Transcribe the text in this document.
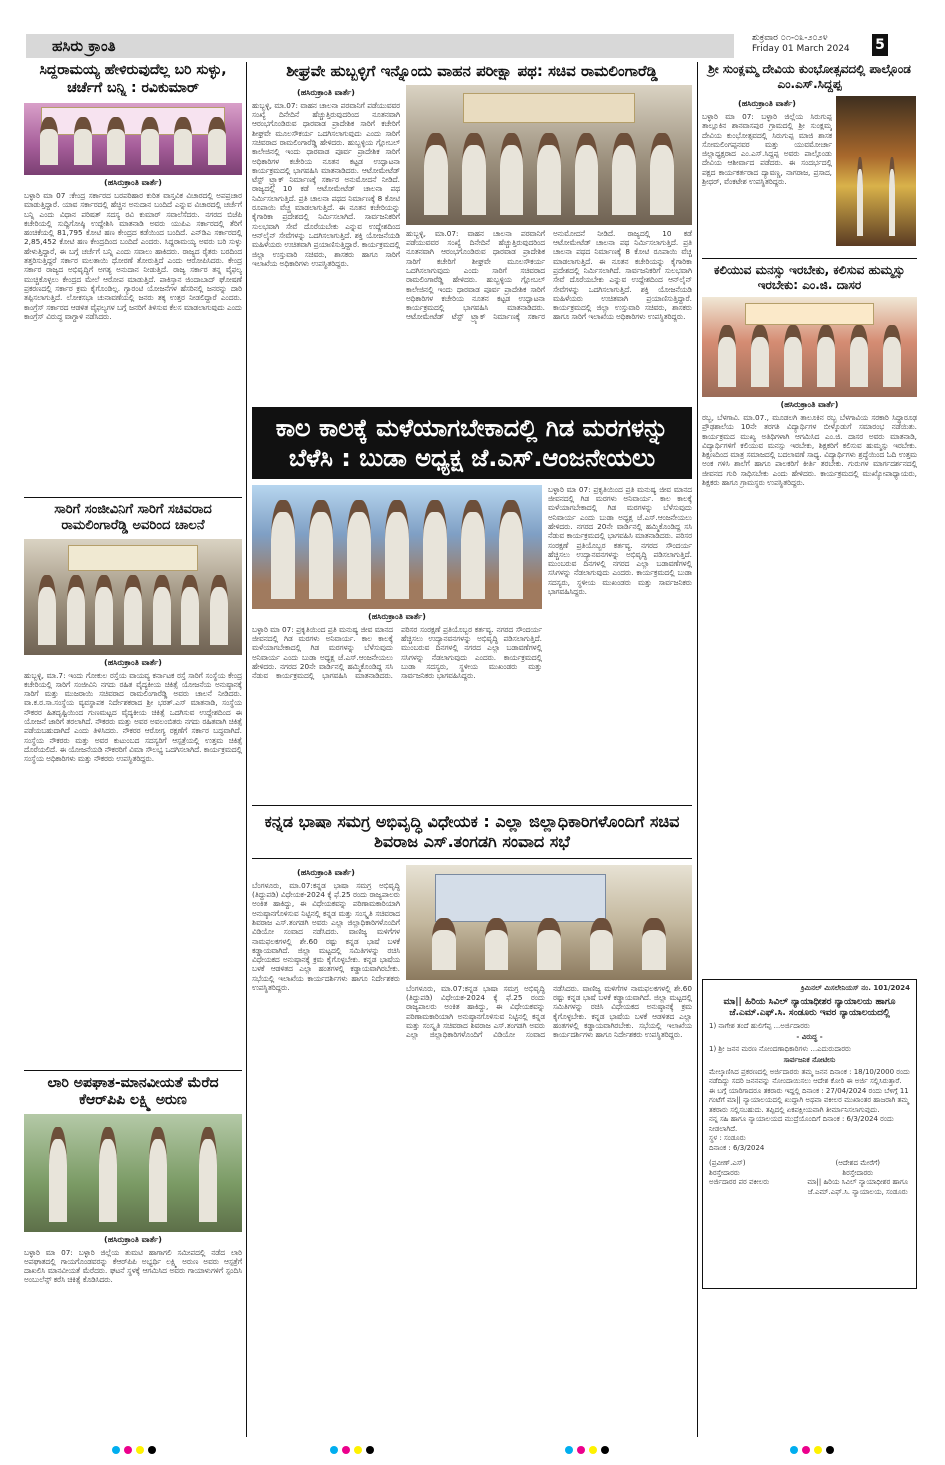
ಹಸಿರು ಕ್ರಾಂತಿ	ಶುಕ್ರವಾರ ೦೧-೦೩-೨೦೨೪
Friday 01 March 2024	5
ಸಿದ್ದರಾಮಯ್ಯ ಹೇಳಿರುವುದೆಲ್ಲ ಬರಿ ಸುಳ್ಳು, ಚರ್ಚೆಗೆ ಬನ್ನಿ : ರವಿಕುಮಾರ್
(ಹಸಿರುಕ್ರಾಂತಿ ವಾರ್ತೆ)
ಬಳ್ಳಾರಿ ಮಾ 07 :ಕೇಂದ್ರ ಸರ್ಕಾರದ ಬರಪರಿಹಾರ ಕುರಿತ ವಾಸ್ತವಿಕ ವಿಚಾರದಲ್ಲಿ ಅಪಪ್ರಚಾರ ಮಾಡುತ್ತಿದ್ದಾರೆ. ಯಾವ ಸರ್ಕಾರದಲ್ಲಿ ಹೆಚ್ಚಿನ ಅನುದಾನ ಬಂದಿದೆ ಎನ್ನುವ ವಿಚಾರದಲ್ಲಿ ಚರ್ಚೆಗೆ ಬನ್ನಿ ಎಂದು ವಿಧಾನ ಪರಿಷತ್ ಸದಸ್ಯ ರವಿ ಕುಮಾರ್ ಸವಾಲೆಸೆದರು. ನಗರದ ಬಿಜೆಪಿ ಕಚೇರಿಯಲ್ಲಿ ಸುದ್ದಿಗೋಷ್ಠಿ ಉದ್ದೇಶಿಸಿ ಮಾತನಾಡಿ ಅವರು ಯುಪಿಎ ಸರ್ಕಾರದಲ್ಲಿ ತೆರಿಗೆ ಹಂಚಿಕೆಯಲ್ಲಿ 81,795 ಕೋಟಿ ಹಣ ಕೇಂದ್ರದ ಕಡೆಯಿಂದ ಬಂದಿದೆ. ಎನ್‌ಡಿಎ ಸರ್ಕಾರದಲ್ಲಿ 2,85,452 ಕೋಟಿ ಹಣ ಕೇಂದ್ರದಿಂದ ಬಂದಿದೆ ಎಂದರು. ಸಿದ್ದರಾಮಯ್ಯ ಅವರು ಬರಿ ಸುಳ್ಳು ಹೇಳುತ್ತಿದ್ದಾರೆ, ಈ ಬಗ್ಗೆ ಚರ್ಚೆಗೆ ಬನ್ನಿ ಎಂದು ಸವಾಲು ಹಾಕಿದರು. ರಾಜ್ಯದ ರೈತರು ಬರದಿಂದ ತತ್ತರಿಸುತ್ತಿದ್ದರೆ ಸರ್ಕಾರ ಮಲತಾಯಿ ಧೋರಣೆ ತೋರುತ್ತಿದೆ ಎಂದು ಆರೋಪಿಸಿದರು. ಕೇಂದ್ರ ಸರ್ಕಾರ ರಾಜ್ಯದ ಅಭಿವೃದ್ಧಿಗೆ ಅಗತ್ಯ ಅನುದಾನ ನೀಡುತ್ತಿದೆ. ರಾಜ್ಯ ಸರ್ಕಾರ ತನ್ನ ವೈಫಲ್ಯ ಮುಚ್ಚಿಕೊಳ್ಳಲು ಕೇಂದ್ರದ ಮೇಲೆ ಆರೋಪ ಮಾಡುತ್ತಿದೆ. ಪಾಕಿಸ್ತಾನ ಜಿಂದಾಬಾದ್ ಘೋಷಣೆ ಪ್ರಕರಣದಲ್ಲಿ ಸರ್ಕಾರ ಕ್ರಮ ಕೈಗೊಂಡಿಲ್ಲ. ಗ್ಯಾರಂಟಿ ಯೋಜನೆಗಳ ಹೆಸರಿನಲ್ಲಿ ಜನರನ್ನು ದಾರಿ ತಪ್ಪಿಸಲಾಗುತ್ತಿದೆ. ಲೋಕಸಭಾ ಚುನಾವಣೆಯಲ್ಲಿ ಜನರು ತಕ್ಕ ಉತ್ತರ ನೀಡಲಿದ್ದಾರೆ ಎಂದರು. ಕಾಂಗ್ರೆಸ್ ಸರ್ಕಾರದ ಆಡಳಿತ ವೈಫಲ್ಯಗಳ ಬಗ್ಗೆ ಜನರಿಗೆ ತಿಳಿಸುವ ಕೆಲಸ ಮಾಡಲಾಗುವುದು ಎಂದು ಕಾಂಗ್ರೆಸ್ ವಿರುದ್ಧ ವಾಗ್ದಾಳಿ ನಡೆಸಿದರು.
ಸಾರಿಗೆ ಸಂಜೀವಿನಿಗೆ ಸಾರಿಗೆ ಸಚಿವರಾದ ರಾಮಲಿಂಗಾರೆಡ್ಡಿ ಅವರಿಂದ ಚಾಲನೆ
(ಹಸಿರುಕ್ರಾಂತಿ ವಾರ್ತೆ)
ಹುಬ್ಬಳ್ಳಿ, ಮಾ.7: ಇಂದು ಗೋಕುಲ ರಸ್ತೆಯ ವಾಯವ್ಯ ಕರ್ನಾಟಕ ರಸ್ತೆ ಸಾರಿಗೆ ಸಂಸ್ಥೆಯ ಕೇಂದ್ರ ಕಚೇರಿಯಲ್ಲಿ ಸಾರಿಗೆ ಸಂಜೀವಿನಿ ನಗದು ರಹಿತ ವೈದ್ಯಕೀಯ ಚಿಕಿತ್ಸೆ ಯೋಜನೆಯ ಅನುಷ್ಠಾನಕ್ಕೆ ಸಾರಿಗೆ ಮತ್ತು ಮುಜರಾಯಿ ಸಚಿವರಾದ ರಾಮಲಿಂಗಾರೆಡ್ಡಿ ಅವರು ಚಾಲನೆ ನೀಡಿದರು. ವಾ.ಕ.ರ.ಸಾ.ಸಂಸ್ಥೆಯ ವ್ಯವಸ್ಥಾಪಕ ನಿರ್ದೇಶಕರಾದ ಶ್ರೀ ಭರತ್.ಎಸ್ ಮಾತನಾಡಿ, ಸಂಸ್ಥೆಯ ನೌಕರರ ಹಿತದೃಷ್ಟಿಯಿಂದ ಗುಣಮಟ್ಟದ ವೈದ್ಯಕೀಯ ಚಿಕಿತ್ಸೆ ಒದಗಿಸುವ ಉದ್ದೇಶದಿಂದ ಈ ಯೋಜನೆ ಜಾರಿಗೆ ತರಲಾಗಿದೆ. ನೌಕರರು ಮತ್ತು ಅವರ ಅವಲಂಬಿತರು ನಗದು ರಹಿತವಾಗಿ ಚಿಕಿತ್ಸೆ ಪಡೆಯಬಹುದಾಗಿದೆ ಎಂದು ತಿಳಿಸಿದರು. ನೌಕರರ ಆರೋಗ್ಯ ರಕ್ಷಣೆಗೆ ಸರ್ಕಾರ ಬದ್ಧವಾಗಿದೆ. ಸಂಸ್ಥೆಯ ನೌಕರರು ಮತ್ತು ಅವರ ಕುಟುಂಬದ ಸದಸ್ಯರಿಗೆ ಆಸ್ಪತ್ರೆಯಲ್ಲಿ ಉತ್ತಮ ಚಿಕಿತ್ಸೆ ದೊರೆಯಲಿದೆ. ಈ ಯೋಜನೆಯಡಿ ನೌಕರರಿಗೆ ವಿಮಾ ಸೌಲಭ್ಯ ಒದಗಿಸಲಾಗಿದೆ. ಕಾರ್ಯಕ್ರಮದಲ್ಲಿ ಸಂಸ್ಥೆಯ ಅಧಿಕಾರಿಗಳು ಮತ್ತು ನೌಕರರು ಉಪಸ್ಥಿತರಿದ್ದರು.
ಲಾರಿ ಅಪಘಾತ-ಮಾನವೀಯತೆ ಮೆರೆದ ಕೆಆರ್‌ಪಿಪಿ ಲಕ್ಷ್ಮಿ ಅರುಣ
(ಹಸಿರುಕ್ರಾಂತಿ ವಾರ್ತೆ)
ಬಳ್ಳಾರಿ ಮಾ 07: ಬಳ್ಳಾರಿ ಜಿಲ್ಲೆಯ ತುಮಟಿ ಹಾಗಾಗಲಿ ಸಮೀಪದಲ್ಲಿ ನಡೆದ ಲಾರಿ ಅಪಘಾತದಲ್ಲಿ ಗಾಯಗೊಂಡವರನ್ನು ಕೆಆರ್‌ಪಿಪಿ ಅಭ್ಯರ್ಥಿ ಲಕ್ಷ್ಮಿ ಅರುಣ ಅವರು ಆಸ್ಪತ್ರೆಗೆ ದಾಖಲಿಸಿ ಮಾನವೀಯತೆ ಮೆರೆದರು. ಘಟನೆ ಸ್ಥಳಕ್ಕೆ ಆಗಮಿಸಿದ ಅವರು ಗಾಯಾಳುಗಳಿಗೆ ಸ್ಪಂದಿಸಿ ಅಂಬುಲೆನ್ಸ್ ಕರೆಸಿ ಚಿಕಿತ್ಸೆ ಕೊಡಿಸಿದರು.
ಶೀಘ್ರವೇ ಹುಬ್ಬಳ್ಳಿಗೆ ಇನ್ನೊಂದು ವಾಹನ ಪರೀಕ್ಷಾ ಪಥ: ಸಚಿವ ರಾಮಲಿಂಗಾರೆಡ್ಡಿ
(ಹಸಿರುಕ್ರಾಂತಿ ವಾರ್ತೆ)
ಹುಬ್ಬಳ್ಳಿ, ಮಾ.07: ವಾಹನ ಚಾಲನಾ ಪರವಾನಿಗೆ ಪಡೆಯುವವರ ಸಂಖ್ಯೆ ದಿನೇದಿನೆ ಹೆಚ್ಚುತ್ತಿರುವುದರಿಂದ ನೂತನವಾಗಿ ಆರಂಭಗೊಂಡಿರುವ ಧಾರವಾಡ ಪ್ರಾದೇಶಿಕ ಸಾರಿಗೆ ಕಚೇರಿಗೆ ಶೀಘ್ರವೇ ಮೂಲಸೌಕರ್ಯ ಒದಗಿಸಲಾಗುವುದು ಎಂದು ಸಾರಿಗೆ ಸಚಿವರಾದ ರಾಮಲಿಂಗಾರೆಡ್ಡಿ ಹೇಳಿದರು. ಹುಬ್ಬಳ್ಳಿಯ ಗ್ಲೋಬಲ್ ಕಾಲೇಜಿನಲ್ಲಿ ಇಂದು ಧಾರವಾಡ ಪೂರ್ವ ಪ್ರಾದೇಶಿಕ ಸಾರಿಗೆ ಅಧಿಕಾರಿಗಳ ಕಚೇರಿಯ ನೂತನ ಕಟ್ಟಡ ಉದ್ಘಾಟನಾ ಕಾರ್ಯಕ್ರಮದಲ್ಲಿ ಭಾಗವಹಿಸಿ ಮಾತನಾಡಿದರು. ಆಟೋಮೇಟೆಡ್ ಟೆಸ್ಟ್ ಟ್ರ್ಯಾಕ್ ನಿರ್ಮಾಣಕ್ಕೆ ಸರ್ಕಾರ ಅನುಮೋದನೆ ನೀಡಿದೆ. ರಾಜ್ಯದಲ್ಲಿ 10 ಕಡೆ ಆಟೋಮೇಟೆಡ್ ಚಾಲನಾ ಪಥ ನಿರ್ಮಿಸಲಾಗುತ್ತಿದೆ. ಪ್ರತಿ ಚಾಲನಾ ಪಥದ ನಿರ್ಮಾಣಕ್ಕೆ 8 ಕೋಟಿ ರೂಪಾಯಿ ವೆಚ್ಚ ಮಾಡಲಾಗುತ್ತಿದೆ. ಈ ನೂತನ ಕಚೇರಿಯನ್ನು ಕೈಗಾರಿಕಾ ಪ್ರದೇಶದಲ್ಲಿ ನಿರ್ಮಿಸಲಾಗಿದೆ. ಸಾರ್ವಜನಿಕರಿಗೆ ಸುಲಭವಾಗಿ ಸೇವೆ ದೊರೆಯಬೇಕು ಎನ್ನುವ ಉದ್ದೇಶದಿಂದ ಆನ್‌ಲೈನ್ ಸೇವೆಗಳನ್ನು ಒದಗಿಸಲಾಗುತ್ತಿದೆ. ಶಕ್ತಿ ಯೋಜನೆಯಡಿ ಮಹಿಳೆಯರು ಉಚಿತವಾಗಿ ಪ್ರಯಾಣಿಸುತ್ತಿದ್ದಾರೆ. ಕಾರ್ಯಕ್ರಮದಲ್ಲಿ ಜಿಲ್ಲಾ ಉಸ್ತುವಾರಿ ಸಚಿವರು, ಶಾಸಕರು ಹಾಗೂ ಸಾರಿಗೆ ಇಲಾಖೆಯ ಅಧಿಕಾರಿಗಳು ಉಪಸ್ಥಿತರಿದ್ದರು.
ಹುಬ್ಬಳ್ಳಿ, ಮಾ.07: ವಾಹನ ಚಾಲನಾ ಪರವಾನಿಗೆ ಪಡೆಯುವವರ ಸಂಖ್ಯೆ ದಿನೇದಿನೆ ಹೆಚ್ಚುತ್ತಿರುವುದರಿಂದ ನೂತನವಾಗಿ ಆರಂಭಗೊಂಡಿರುವ ಧಾರವಾಡ ಪ್ರಾದೇಶಿಕ ಸಾರಿಗೆ ಕಚೇರಿಗೆ ಶೀಘ್ರವೇ ಮೂಲಸೌಕರ್ಯ ಒದಗಿಸಲಾಗುವುದು ಎಂದು ಸಾರಿಗೆ ಸಚಿವರಾದ ರಾಮಲಿಂಗಾರೆಡ್ಡಿ ಹೇಳಿದರು. ಹುಬ್ಬಳ್ಳಿಯ ಗ್ಲೋಬಲ್ ಕಾಲೇಜಿನಲ್ಲಿ ಇಂದು ಧಾರವಾಡ ಪೂರ್ವ ಪ್ರಾದೇಶಿಕ ಸಾರಿಗೆ ಅಧಿಕಾರಿಗಳ ಕಚೇರಿಯ ನೂತನ ಕಟ್ಟಡ ಉದ್ಘಾಟನಾ ಕಾರ್ಯಕ್ರಮದಲ್ಲಿ ಭಾಗವಹಿಸಿ ಮಾತನಾಡಿದರು. ಆಟೋಮೇಟೆಡ್ ಟೆಸ್ಟ್ ಟ್ರ್ಯಾಕ್ ನಿರ್ಮಾಣಕ್ಕೆ ಸರ್ಕಾರ ಅನುಮೋದನೆ ನೀಡಿದೆ. ರಾಜ್ಯದಲ್ಲಿ 10 ಕಡೆ ಆಟೋಮೇಟೆಡ್ ಚಾಲನಾ ಪಥ ನಿರ್ಮಿಸಲಾಗುತ್ತಿದೆ. ಪ್ರತಿ ಚಾಲನಾ ಪಥದ ನಿರ್ಮಾಣಕ್ಕೆ 8 ಕೋಟಿ ರೂಪಾಯಿ ವೆಚ್ಚ ಮಾಡಲಾಗುತ್ತಿದೆ. ಈ ನೂತನ ಕಚೇರಿಯನ್ನು ಕೈಗಾರಿಕಾ ಪ್ರದೇಶದಲ್ಲಿ ನಿರ್ಮಿಸಲಾಗಿದೆ. ಸಾರ್ವಜನಿಕರಿಗೆ ಸುಲಭವಾಗಿ ಸೇವೆ ದೊರೆಯಬೇಕು ಎನ್ನುವ ಉದ್ದೇಶದಿಂದ ಆನ್‌ಲೈನ್ ಸೇವೆಗಳನ್ನು ಒದಗಿಸಲಾಗುತ್ತಿದೆ. ಶಕ್ತಿ ಯೋಜನೆಯಡಿ ಮಹಿಳೆಯರು ಉಚಿತವಾಗಿ ಪ್ರಯಾಣಿಸುತ್ತಿದ್ದಾರೆ. ಕಾರ್ಯಕ್ರಮದಲ್ಲಿ ಜಿಲ್ಲಾ ಉಸ್ತುವಾರಿ ಸಚಿವರು, ಶಾಸಕರು ಹಾಗೂ ಸಾರಿಗೆ ಇಲಾಖೆಯ ಅಧಿಕಾರಿಗಳು ಉಪಸ್ಥಿತರಿದ್ದರು.
ಕಾಲ ಕಾಲಕ್ಕೆ ಮಳೆಯಾಗಬೇಕಾದಲ್ಲಿ ಗಿಡ ಮರಗಳನ್ನು ಬೆಳೆಸಿ : ಬುಡಾ ಅಧ್ಯಕ್ಷ ಜೆ.ಎಸ್.ಆಂಜನೇಯಲು
(ಹಸಿರುಕ್ರಾಂತಿ ವಾರ್ತೆ)
ಬಳ್ಳಾರಿ ಮಾ 07: ಪ್ರಕೃತಿಯಿಂದ ಪ್ರತಿ ಮನುಷ್ಯ ಜೀವ ಮಾನದ ಜೀವನದಲ್ಲಿ ಗಿಡ ಮರಗಳು ಅನಿವಾರ್ಯ. ಕಾಲ ಕಾಲಕ್ಕೆ ಮಳೆಯಾಗಬೇಕಾದಲ್ಲಿ ಗಿಡ ಮರಗಳನ್ನು ಬೆಳೆಸುವುದು ಅನಿವಾರ್ಯ ಎಂದು ಬುಡಾ ಅಧ್ಯಕ್ಷ ಜೆ.ಎಸ್.ಆಂಜನೇಯಲು ಹೇಳಿದರು. ನಗರದ 20ನೇ ವಾರ್ಡಿನಲ್ಲಿ ಹಮ್ಮಿಕೊಂಡಿದ್ದ ಸಸಿ ನೆಡುವ ಕಾರ್ಯಕ್ರಮದಲ್ಲಿ ಭಾಗವಹಿಸಿ ಮಾತನಾಡಿದರು. ಪರಿಸರ ಸಂರಕ್ಷಣೆ ಪ್ರತಿಯೊಬ್ಬರ ಕರ್ತವ್ಯ. ನಗರದ ಸೌಂದರ್ಯ ಹೆಚ್ಚಿಸಲು ಉದ್ಯಾನವನಗಳನ್ನು ಅಭಿವೃದ್ಧಿ ಪಡಿಸಲಾಗುತ್ತಿದೆ. ಮುಂಬರುವ ದಿನಗಳಲ್ಲಿ ನಗರದ ಎಲ್ಲಾ ಬಡಾವಣೆಗಳಲ್ಲಿ ಸಸಿಗಳನ್ನು ನೆಡಲಾಗುವುದು ಎಂದರು. ಕಾರ್ಯಕ್ರಮದಲ್ಲಿ ಬುಡಾ ಸದಸ್ಯರು, ಸ್ಥಳೀಯ ಮುಖಂಡರು ಮತ್ತು ಸಾರ್ವಜನಿಕರು ಭಾಗವಹಿಸಿದ್ದರು.
ಬಳ್ಳಾರಿ ಮಾ 07: ಪ್ರಕೃತಿಯಿಂದ ಪ್ರತಿ ಮನುಷ್ಯ ಜೀವ ಮಾನದ ಜೀವನದಲ್ಲಿ ಗಿಡ ಮರಗಳು ಅನಿವಾರ್ಯ. ಕಾಲ ಕಾಲಕ್ಕೆ ಮಳೆಯಾಗಬೇಕಾದಲ್ಲಿ ಗಿಡ ಮರಗಳನ್ನು ಬೆಳೆಸುವುದು ಅನಿವಾರ್ಯ ಎಂದು ಬುಡಾ ಅಧ್ಯಕ್ಷ ಜೆ.ಎಸ್.ಆಂಜನೇಯಲು ಹೇಳಿದರು. ನಗರದ 20ನೇ ವಾರ್ಡಿನಲ್ಲಿ ಹಮ್ಮಿಕೊಂಡಿದ್ದ ಸಸಿ ನೆಡುವ ಕಾರ್ಯಕ್ರಮದಲ್ಲಿ ಭಾಗವಹಿಸಿ ಮಾತನಾಡಿದರು. ಪರಿಸರ ಸಂರಕ್ಷಣೆ ಪ್ರತಿಯೊಬ್ಬರ ಕರ್ತವ್ಯ. ನಗರದ ಸೌಂದರ್ಯ ಹೆಚ್ಚಿಸಲು ಉದ್ಯಾನವನಗಳನ್ನು ಅಭಿವೃದ್ಧಿ ಪಡಿಸಲಾಗುತ್ತಿದೆ. ಮುಂಬರುವ ದಿನಗಳಲ್ಲಿ ನಗರದ ಎಲ್ಲಾ ಬಡಾವಣೆಗಳಲ್ಲಿ ಸಸಿಗಳನ್ನು ನೆಡಲಾಗುವುದು ಎಂದರು. ಕಾರ್ಯಕ್ರಮದಲ್ಲಿ ಬುಡಾ ಸದಸ್ಯರು, ಸ್ಥಳೀಯ ಮುಖಂಡರು ಮತ್ತು ಸಾರ್ವಜನಿಕರು ಭಾಗವಹಿಸಿದ್ದರು.
ಕನ್ನಡ ಭಾಷಾ ಸಮಗ್ರ ಅಭಿವೃದ್ಧಿ ವಿಧೇಯಕ : ಎಲ್ಲಾ ಜಿಲ್ಲಾಧಿಕಾರಿಗಳೊಂದಿಗೆ ಸಚಿವ ಶಿವರಾಜ ಎಸ್.ತಂಗಡಗಿ ಸಂವಾದ ಸಭೆ
(ಹಸಿರುಕ್ರಾಂತಿ ವಾರ್ತೆ)
ಬೆಂಗಳೂರು, ಮಾ.07:ಕನ್ನಡ ಭಾಷಾ ಸಮಗ್ರ ಅಭಿವೃದ್ಧಿ (ತಿದ್ದುಪಡಿ) ವಿಧೇಯಕ-2024 ಕ್ಕೆ ಫೆ.25 ರಂದು ರಾಜ್ಯಪಾಲರು ಅಂಕಿತ ಹಾಕಿದ್ದು, ಈ ವಿಧೇಯಕವನ್ನು ಪರಿಣಾಮಕಾರಿಯಾಗಿ ಅನುಷ್ಠಾನಗೊಳಿಸುವ ನಿಟ್ಟಿನಲ್ಲಿ ಕನ್ನಡ ಮತ್ತು ಸಂಸ್ಕೃತಿ ಸಚಿವರಾದ ಶಿವರಾಜ ಎಸ್.ತಂಗಡಗಿ ಅವರು ಎಲ್ಲಾ ಜಿಲ್ಲಾಧಿಕಾರಿಗಳೊಂದಿಗೆ ವಿಡಿಯೋ ಸಂವಾದ ನಡೆಸಿದರು. ವಾಣಿಜ್ಯ ಮಳಿಗೆಗಳ ನಾಮಫಲಕಗಳಲ್ಲಿ ಶೇ.60 ರಷ್ಟು ಕನ್ನಡ ಭಾಷೆ ಬಳಕೆ ಕಡ್ಡಾಯವಾಗಿದೆ. ಜಿಲ್ಲಾ ಮಟ್ಟದಲ್ಲಿ ಸಮಿತಿಗಳನ್ನು ರಚಿಸಿ ವಿಧೇಯಕದ ಅನುಷ್ಠಾನಕ್ಕೆ ಕ್ರಮ ಕೈಗೊಳ್ಳಬೇಕು. ಕನ್ನಡ ಭಾಷೆಯ ಬಳಕೆ ಆಡಳಿತದ ಎಲ್ಲಾ ಹಂತಗಳಲ್ಲಿ ಕಡ್ಡಾಯವಾಗಿರಬೇಕು. ಸಭೆಯಲ್ಲಿ ಇಲಾಖೆಯ ಕಾರ್ಯದರ್ಶಿಗಳು ಹಾಗೂ ನಿರ್ದೇಶಕರು ಉಪಸ್ಥಿತರಿದ್ದರು.	ಬೆಂಗಳೂರು, ಮಾ.07:ಕನ್ನಡ ಭಾಷಾ ಸಮಗ್ರ ಅಭಿವೃದ್ಧಿ (ತಿದ್ದುಪಡಿ) ವಿಧೇಯಕ-2024 ಕ್ಕೆ ಫೆ.25 ರಂದು ರಾಜ್ಯಪಾಲರು ಅಂಕಿತ ಹಾಕಿದ್ದು, ಈ ವಿಧೇಯಕವನ್ನು ಪರಿಣಾಮಕಾರಿಯಾಗಿ ಅನುಷ್ಠಾನಗೊಳಿಸುವ ನಿಟ್ಟಿನಲ್ಲಿ ಕನ್ನಡ ಮತ್ತು ಸಂಸ್ಕೃತಿ ಸಚಿವರಾದ ಶಿವರಾಜ ಎಸ್.ತಂಗಡಗಿ ಅವರು ಎಲ್ಲಾ ಜಿಲ್ಲಾಧಿಕಾರಿಗಳೊಂದಿಗೆ ವಿಡಿಯೋ ಸಂವಾದ ನಡೆಸಿದರು. ವಾಣಿಜ್ಯ ಮಳಿಗೆಗಳ ನಾಮಫಲಕಗಳಲ್ಲಿ ಶೇ.60 ರಷ್ಟು ಕನ್ನಡ ಭಾಷೆ ಬಳಕೆ ಕಡ್ಡಾಯವಾಗಿದೆ. ಜಿಲ್ಲಾ ಮಟ್ಟದಲ್ಲಿ ಸಮಿತಿಗಳನ್ನು ರಚಿಸಿ ವಿಧೇಯಕದ ಅನುಷ್ಠಾನಕ್ಕೆ ಕ್ರಮ ಕೈಗೊಳ್ಳಬೇಕು. ಕನ್ನಡ ಭಾಷೆಯ ಬಳಕೆ ಆಡಳಿತದ ಎಲ್ಲಾ ಹಂತಗಳಲ್ಲಿ ಕಡ್ಡಾಯವಾಗಿರಬೇಕು. ಸಭೆಯಲ್ಲಿ ಇಲಾಖೆಯ ಕಾರ್ಯದರ್ಶಿಗಳು ಹಾಗೂ ನಿರ್ದೇಶಕರು ಉಪಸ್ಥಿತರಿದ್ದರು.
ಶ್ರೀ ಸುಂಕ್ಲಮ್ಮ ದೇವಿಯ ಕುಂಭೋತ್ಸವದಲ್ಲಿ ಪಾಲ್ಗೊಂಡ ಎಂ.ಎಸ್.ಸಿದ್ದಪ್ಪ
(ಹಸಿರುಕ್ರಾಂತಿ ವಾರ್ತೆ)
ಬಳ್ಳಾರಿ ಮಾ 07: ಬಳ್ಳಾರಿ ಜಿಲ್ಲೆಯ ಸಿರುಗುಪ್ಪ ತಾಲ್ಲೂಕಿನ ಶಾನವಾಸಪುರ ಗ್ರಾಮದಲ್ಲಿ ಶ್ರೀ ಸುಂಕ್ಲಮ್ಮ ದೇವಿಯ ಕುಂಭೋತ್ಸವದಲ್ಲಿ ಸಿರುಗುಪ್ಪ ಮಾಜಿ ಶಾಸಕ ಸೋಮಲಿಂಗಪ್ಪನವರ ಮತ್ತು ಯುವಮೋರ್ಚಾ ಜಿಲ್ಲಾಧ್ಯಕ್ಷರಾದ ಎಂ.ಎಸ್.ಸಿದ್ದಪ್ಪ ಅವರು ಪಾಲ್ಗೊಂಡು ದೇವಿಯ ಆಶೀರ್ವಾದ ಪಡೆದರು. ಈ ಸಂದರ್ಭದಲ್ಲಿ ಪಕ್ಷದ ಕಾರ್ಯಕರ್ತರಾದ ದ್ಯಾವಣ್ಣ, ನಾಗರಾಜ, ಪ್ರಸಾದ, ಶ್ರೀಧರ್, ವೆಂಕಟೇಶ ಉಪಸ್ಥಿತರಿದ್ದರು.
ಕಲಿಯುವ ಮನಸ್ಸು ಇರಬೇಕು, ಕಲಿಸುವ ಹುಮ್ಮಸ್ಸು ಇರಬೇಕು: ಎಂ.ಜಿ. ದಾಸರ
(ಹಸಿರುಕ್ರಾಂತಿ ವಾರ್ತೆ)
ರಬ್ಬ, ಬೆಳಗಾವಿ. ಮಾ.07., ಮೂಡಲಗಿ ತಾಲೂಕಿನ ರಬ್ಬ ಬೆಳಗಾವಿಯ ಸರಕಾರಿ ಸಿದ್ದಾರೂಢ ಪ್ರೌಢಶಾಲೆಯ 10ನೇ ತರಗತಿ ವಿದ್ಯಾರ್ಥಿಗಳ ಬೀಳ್ಕೊಡುಗೆ ಸಮಾರಂಭ ನಡೆಯಿತು. ಕಾರ್ಯಕ್ರಮದ ಮುಖ್ಯ ಅತಿಥಿಗಳಾಗಿ ಆಗಮಿಸಿದ ಎಂ.ಜಿ. ದಾಸರ ಅವರು ಮಾತನಾಡಿ, ವಿದ್ಯಾರ್ಥಿಗಳಿಗೆ ಕಲಿಯುವ ಮನಸ್ಸು ಇರಬೇಕು, ಶಿಕ್ಷಕರಿಗೆ ಕಲಿಸುವ ಹುಮ್ಮಸ್ಸು ಇರಬೇಕು. ಶಿಕ್ಷಣದಿಂದ ಮಾತ್ರ ಸಮಾಜದಲ್ಲಿ ಬದಲಾವಣೆ ಸಾಧ್ಯ. ವಿದ್ಯಾರ್ಥಿಗಳು ಶ್ರದ್ಧೆಯಿಂದ ಓದಿ ಉತ್ತಮ ಅಂಕ ಗಳಿಸಿ ಶಾಲೆಗೆ ಹಾಗೂ ಪಾಲಕರಿಗೆ ಕೀರ್ತಿ ತರಬೇಕು. ಗುರುಗಳ ಮಾರ್ಗದರ್ಶನದಲ್ಲಿ ಜೀವನದ ಗುರಿ ಸಾಧಿಸಬೇಕು ಎಂದು ಹೇಳಿದರು. ಕಾರ್ಯಕ್ರಮದಲ್ಲಿ ಮುಖ್ಯೋಪಾಧ್ಯಾಯರು, ಶಿಕ್ಷಕರು ಹಾಗೂ ಗ್ರಾಮಸ್ಥರು ಉಪಸ್ಥಿತರಿದ್ದರು.
ಕ್ರಿಮಿನಲ್ ಮಿಸಲೇನಿಯಸ್ ನಂ. 101/2024
ಮಾ|| ಹಿರಿಯ ಸಿವಿಲ್ ನ್ಯಾಯಾಧೀಶರ ನ್ಯಾಯಾಲಯ ಹಾಗೂ ಜೆ.ಎಮ್.ಎಫ್.ಸಿ. ಸಂಡೂರು ಇವರ ನ್ಯಾಯಾಲಯದಲ್ಲಿ
1) ನಾಗೇಶ ತಂದೆ ಹುಲಿಗೆಪ್ಪ ...ಅರ್ಜಿದಾರರು
- ವಿರುದ್ಧ -
1) ಶ್ರೀ ಜನನ ಮರಣ ನೋಂದಣಾಧಿಕಾರಿಗಳು ...ಎದುರುದಾರರು
ಸಾರ್ವಜನಿಕ ನೋಟೀಸು
ಮೇಲ್ಕಾಣಿಸಿದ ಪ್ರಕರಣದಲ್ಲಿ ಅರ್ಜಿದಾರರು ತಮ್ಮ ಜನನ ದಿನಾಂಕ : 18/10/2000 ರಂದು ನಡೆದಿದ್ದು ಸದರಿ ಜನನವನ್ನು ನೋಂದಾಯಿಸಲು ಆದೇಶ ಕೋರಿ ಈ ಅರ್ಜಿ ಸಲ್ಲಿಸಿರುತ್ತಾರೆ.
ಈ ಬಗ್ಗೆ ಯಾರಿಗಾದರೂ ತಕರಾರು ಇದ್ದಲ್ಲಿ ದಿನಾಂಕ : 27/04/2024 ರಂದು ಬೆಳಿಗ್ಗೆ 11 ಗಂಟೆಗೆ ಮಾ|| ನ್ಯಾಯಾಲಯದಲ್ಲಿ ಖುದ್ದಾಗಿ ಅಥವಾ ವಕೀಲರ ಮುಖಾಂತರ ಹಾಜರಾಗಿ ತಮ್ಮ ತಕರಾರು ಸಲ್ಲಿಸಬಹುದು. ತಪ್ಪಿದಲ್ಲಿ ಏಕಪಕ್ಷೀಯವಾಗಿ ತೀರ್ಮಾನಿಸಲಾಗುವುದು.
ನನ್ನ ಸಹಿ ಹಾಗೂ ನ್ಯಾಯಾಲಯದ ಮುದ್ರೆಯೊಂದಿಗೆ ದಿನಾಂಕ : 6/3/2024 ರಂದು ನೀಡಲಾಗಿದೆ.
ಸ್ಥಳ : ಸಂಡೂರು
ದಿನಾಂಕ : 6/3/2024
(ಪ್ರವೀಣ್.ಎಸ್)
ಶಿರಸ್ತೇದಾರರು
ಅರ್ಜಿದಾರರ ಪರ ವಕೀಲರು
(ಆದೇಶದ ಮೇರೆಗೆ)
ಶಿರಸ್ತೇದಾರರು
ಮಾ|| ಹಿರಿಯ ಸಿವಿಲ್ ನ್ಯಾಯಾಧೀಶರ ಹಾಗೂ
ಜೆ.ಎಮ್.ಎಫ್.ಸಿ. ನ್ಯಾಯಾಲಯ, ಸಂಡೂರು
